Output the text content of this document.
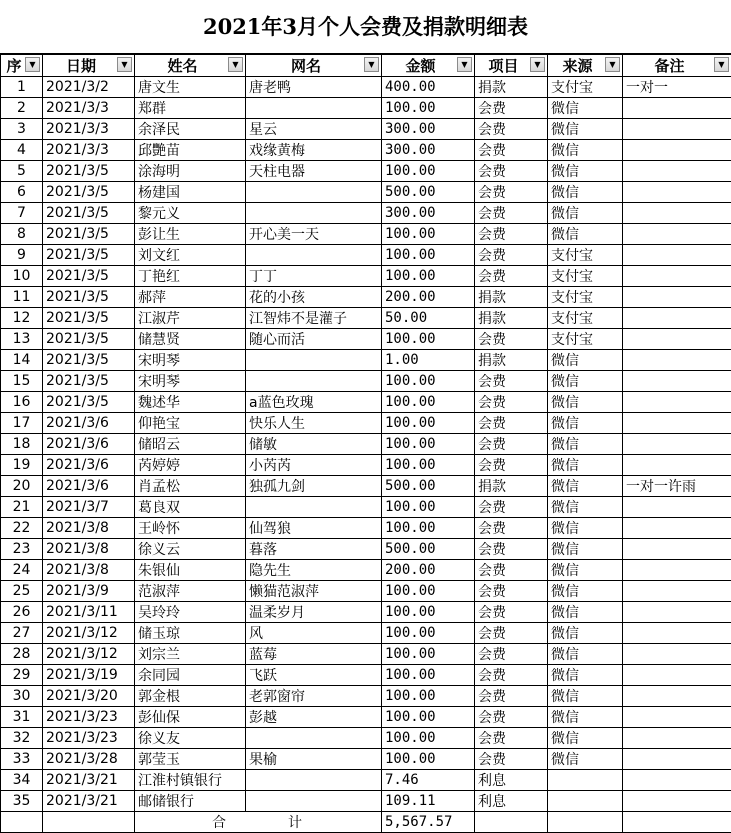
2021年3月个人会费及捐款明细表
序 ▼	日期 ▼	姓名 ▼	网名 ▼	金额 ▼	项目 ▼	来源 ▼	备注 ▼

1	2021/3/2	唐文生	唐老鸭	400.00	捐款	支付宝	一对一
2	2021/3/3	郑群		100.00	会费	微信	
3	2021/3/3	余泽民	星云	300.00	会费	微信	
4	2021/3/3	邱艷苗	戏缘黄梅	300.00	会费	微信	
5	2021/3/5	涂海明	天柱电器	100.00	会费	微信	
6	2021/3/5	杨建国		500.00	会费	微信	
7	2021/3/5	黎元义		300.00	会费	微信	
8	2021/3/5	彭让生	开心美一天	100.00	会费	微信	
9	2021/3/5	刘文红		100.00	会费	支付宝	
10	2021/3/5	丁艳红	丁丁	100.00	会费	支付宝	
11	2021/3/5	郝萍	花的小孩	200.00	捐款	支付宝	
12	2021/3/5	江淑芹	江智炜不是灌子	50.00	捐款	支付宝	
13	2021/3/5	储慧贤	随心而活	100.00	会费	支付宝	
14	2021/3/5	宋明琴		1.00	捐款	微信	
15	2021/3/5	宋明琴		100.00	会费	微信	
16	2021/3/5	魏述华	a蓝色玫瑰	100.00	会费	微信	
17	2021/3/6	仰艳宝	快乐人生	100.00	会费	微信	
18	2021/3/6	储昭云	储敏	100.00	会费	微信	
19	2021/3/6	芮婷婷	小芮芮	100.00	会费	微信	
20	2021/3/6	肖孟松	独孤九剑	500.00	捐款	微信	一对一许雨
21	2021/3/7	葛良双		100.00	会费	微信	
22	2021/3/8	王岭怀	仙驾狼	100.00	会费	微信	
23	2021/3/8	徐义云	暮落	500.00	会费	微信	
24	2021/3/8	朱银仙	隐先生	200.00	会费	微信	
25	2021/3/9	范淑萍	懒猫范淑萍	100.00	会费	微信	
26	2021/3/11	吴玲玲	温柔岁月	100.00	会费	微信	
27	2021/3/12	储玉琼	风	100.00	会费	微信	
28	2021/3/12	刘宗兰	蓝莓	100.00	会费	微信	
29	2021/3/19	余同园	飞跃	100.00	会费	微信	
30	2021/3/20	郭金根	老郭窗帘	100.00	会费	微信	
31	2021/3/23	彭仙保	彭越	100.00	会费	微信	
32	2021/3/23	徐义友		100.00	会费	微信	
33	2021/3/28	郭莹玉	果榆	100.00	会费	微信	
34	2021/3/21	江淮村镇银行		7.46	利息		
35	2021/3/21	邮储银行		109.11	利息		
		合 计		5,567.57			
